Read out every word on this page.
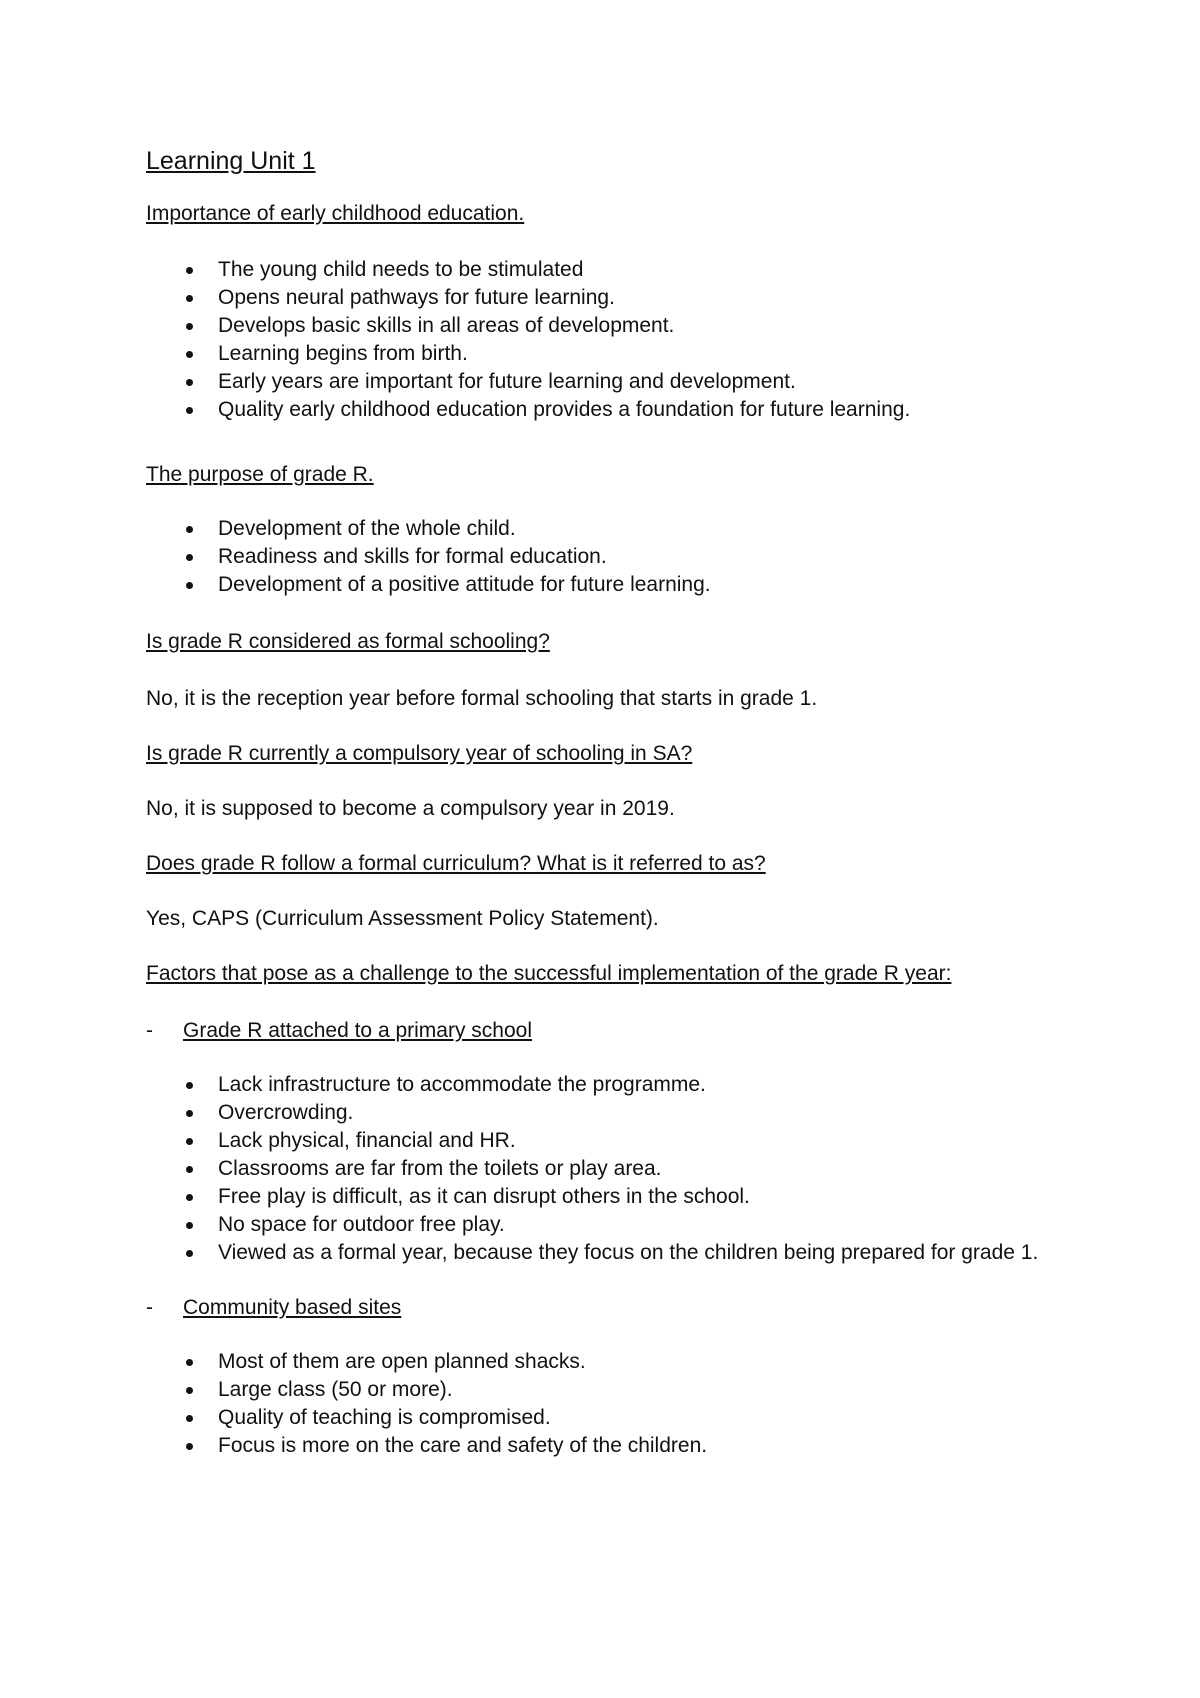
Learning Unit 1
Importance of early childhood education.
The young child needs to be stimulated
Opens neural pathways for future learning.
Develops basic skills in all areas of development.
Learning begins from birth.
Early years are important for future learning and development.
Quality early childhood education provides a foundation for future learning.
The purpose of grade R.
Development of the whole child.
Readiness and skills for formal education.
Development of a positive attitude for future learning.
Is grade R considered as formal schooling?
No, it is the reception year before formal schooling that starts in grade 1.
Is grade R currently a compulsory year of schooling in SA?
No, it is supposed to become a compulsory year in 2019.
Does grade R follow a formal curriculum? What is it referred to as?
Yes, CAPS (Curriculum Assessment Policy Statement).
Factors that pose as a challenge to the successful implementation of the grade R year:
- Grade R attached to a primary school
Lack infrastructure to accommodate the programme.
Overcrowding.
Lack physical, financial and HR.
Classrooms are far from the toilets or play area.
Free play is difficult, as it can disrupt others in the school.
No space for outdoor free play.
Viewed as a formal year, because they focus on the children being prepared for grade 1.
- Community based sites
Most of them are open planned shacks.
Large class (50 or more).
Quality of teaching is compromised.
Focus is more on the care and safety of the children.
